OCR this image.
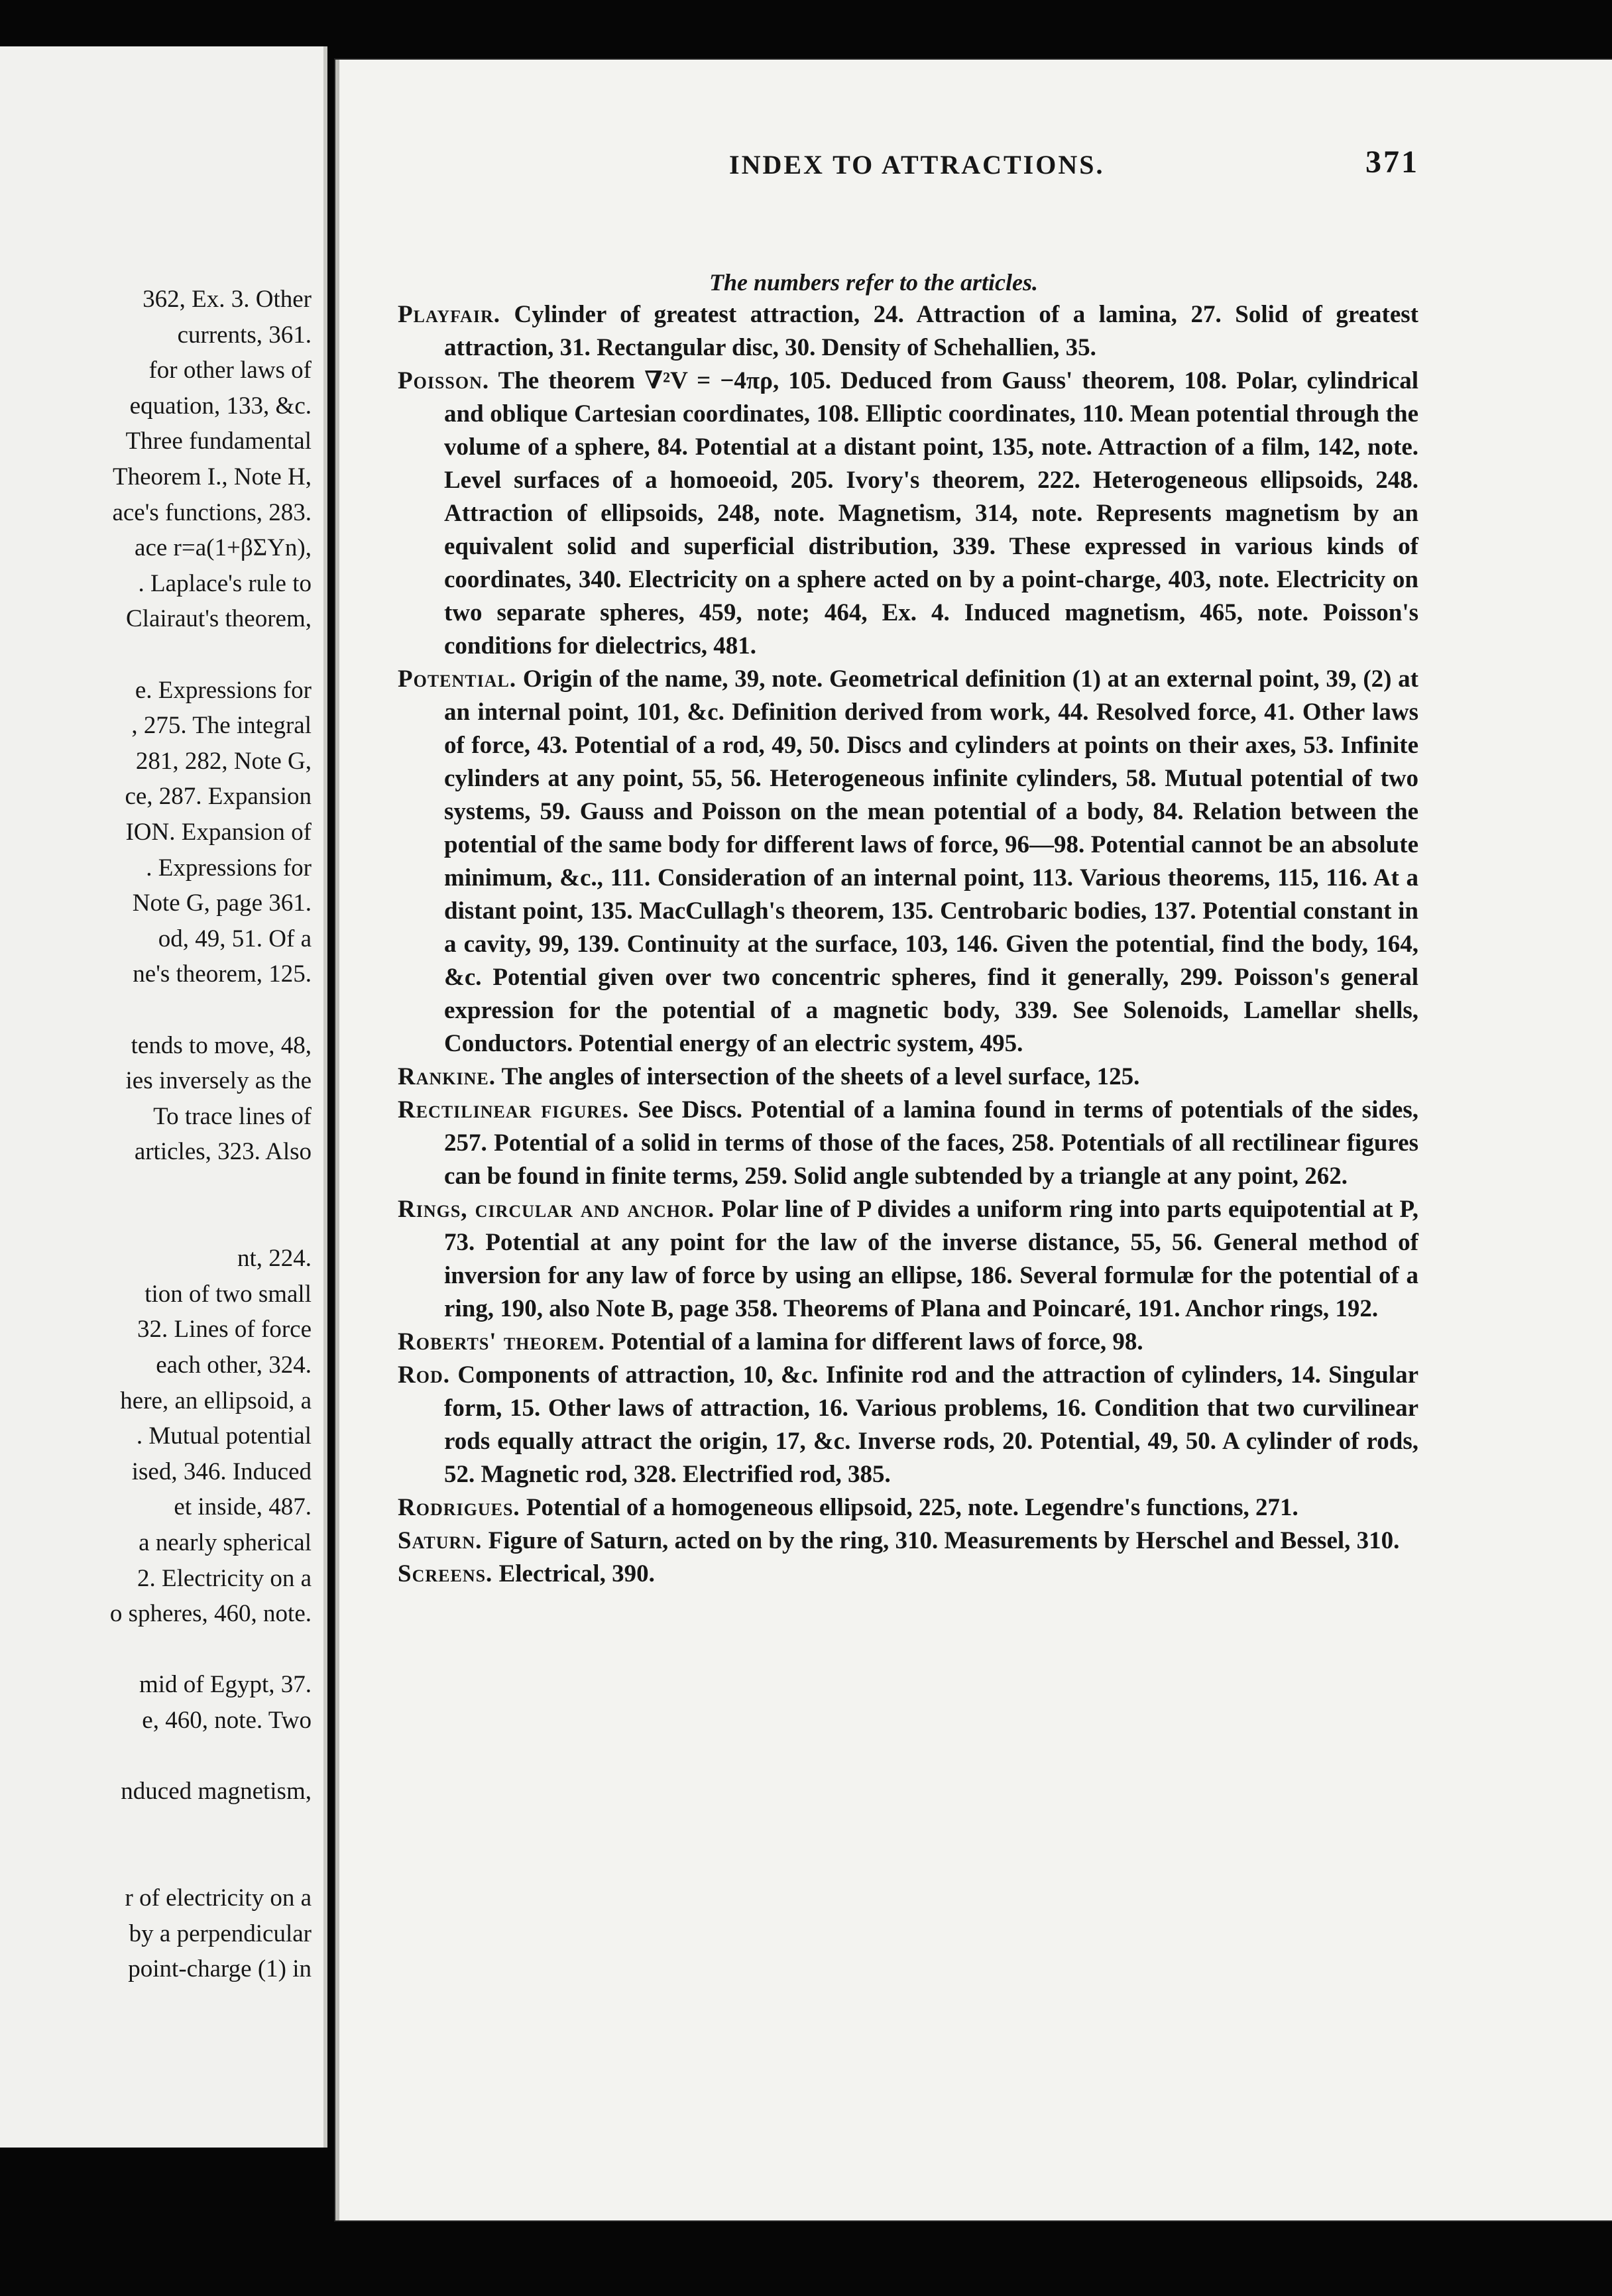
362, Ex. 3. Other
currents, 361.
for other laws of
equation, 133, &c.
Three fundamental
Theorem I., Note H,
ace's functions, 283.
ace r=a(1+βΣYn),
. Laplace's rule to
Clairaut's theorem,
e. Expressions for
, 275. The integral
281, 282, Note G,
ce, 287. Expansion
ION. Expansion of
. Expressions for
Note G, page 361.
od, 49, 51. Of a
ne's theorem, 125.
tends to move, 48,
ies inversely as the
To trace lines of
articles, 323. Also
nt, 224.
tion of two small
32. Lines of force
each other, 324.
here, an ellipsoid, a
. Mutual potential
ised, 346. Induced
et inside, 487.
a nearly spherical
2. Electricity on a
o spheres, 460, note.
mid of Egypt, 37.
e, 460, note. Two
nduced magnetism,
r of electricity on a
by a perpendicular
point-charge (1) in
INDEX TO ATTRACTIONS.	371
The numbers refer to the articles.

Playfair. Cylinder of greatest attraction, 24. Attraction of a lamina, 27. Solid of greatest attraction, 31. Rectangular disc, 30. Density of Schehallien, 35.

Poisson. The theorem ∇²V = −4πρ, 105. Deduced from Gauss' theorem, 108. Polar, cylindrical and oblique Cartesian coordinates, 108. Elliptic coordinates, 110. Mean potential through the volume of a sphere, 84. Potential at a distant point, 135, note. Attraction of a film, 142, note. Level surfaces of a homoeoid, 205. Ivory's theorem, 222. Heterogeneous ellipsoids, 248. Attraction of ellipsoids, 248, note. Magnetism, 314, note. Represents magnetism by an equivalent solid and superficial distribution, 339. These expressed in various kinds of coordinates, 340. Electricity on a sphere acted on by a point-charge, 403, note. Electricity on two separate spheres, 459, note; 464, Ex. 4. Induced magnetism, 465, note. Poisson's conditions for dielectrics, 481.

Potential. Origin of the name, 39, note. Geometrical definition (1) at an external point, 39, (2) at an internal point, 101, &c. Definition derived from work, 44. Resolved force, 41. Other laws of force, 43. Potential of a rod, 49, 50. Discs and cylinders at points on their axes, 53. Infinite cylinders at any point, 55, 56. Heterogeneous infinite cylinders, 58. Mutual potential of two systems, 59. Gauss and Poisson on the mean potential of a body, 84. Relation between the potential of the same body for different laws of force, 96—98. Potential cannot be an absolute minimum, &c., 111. Consideration of an internal point, 113. Various theorems, 115, 116. At a distant point, 135. MacCullagh's theorem, 135. Centrobaric bodies, 137. Potential constant in a cavity, 99, 139. Continuity at the surface, 103, 146. Given the potential, find the body, 164, &c. Potential given over two concentric spheres, find it generally, 299. Poisson's general expression for the potential of a magnetic body, 339. See Solenoids, Lamellar shells, Conductors. Potential energy of an electric system, 495.

Rankine. The angles of intersection of the sheets of a level surface, 125.

Rectilinear figures. See Discs. Potential of a lamina found in terms of potentials of the sides, 257. Potential of a solid in terms of those of the faces, 258. Potentials of all rectilinear figures can be found in finite terms, 259. Solid angle subtended by a triangle at any point, 262.

Rings, circular and anchor. Polar line of P divides a uniform ring into parts equipotential at P, 73. Potential at any point for the law of the inverse distance, 55, 56. General method of inversion for any law of force by using an ellipse, 186. Several formulæ for the potential of a ring, 190, also Note B, page 358. Theorems of Plana and Poincaré, 191. Anchor rings, 192.

Roberts' theorem. Potential of a lamina for different laws of force, 98.

Rod. Components of attraction, 10, &c. Infinite rod and the attraction of cylinders, 14. Singular form, 15. Other laws of attraction, 16. Various problems, 16. Condition that two curvilinear rods equally attract the origin, 17, &c. Inverse rods, 20. Potential, 49, 50. A cylinder of rods, 52. Magnetic rod, 328. Electrified rod, 385.

Rodrigues. Potential of a homogeneous ellipsoid, 225, note. Legendre's functions, 271.

Saturn. Figure of Saturn, acted on by the ring, 310. Measurements by Herschel and Bessel, 310.

Screens. Electrical, 390.
